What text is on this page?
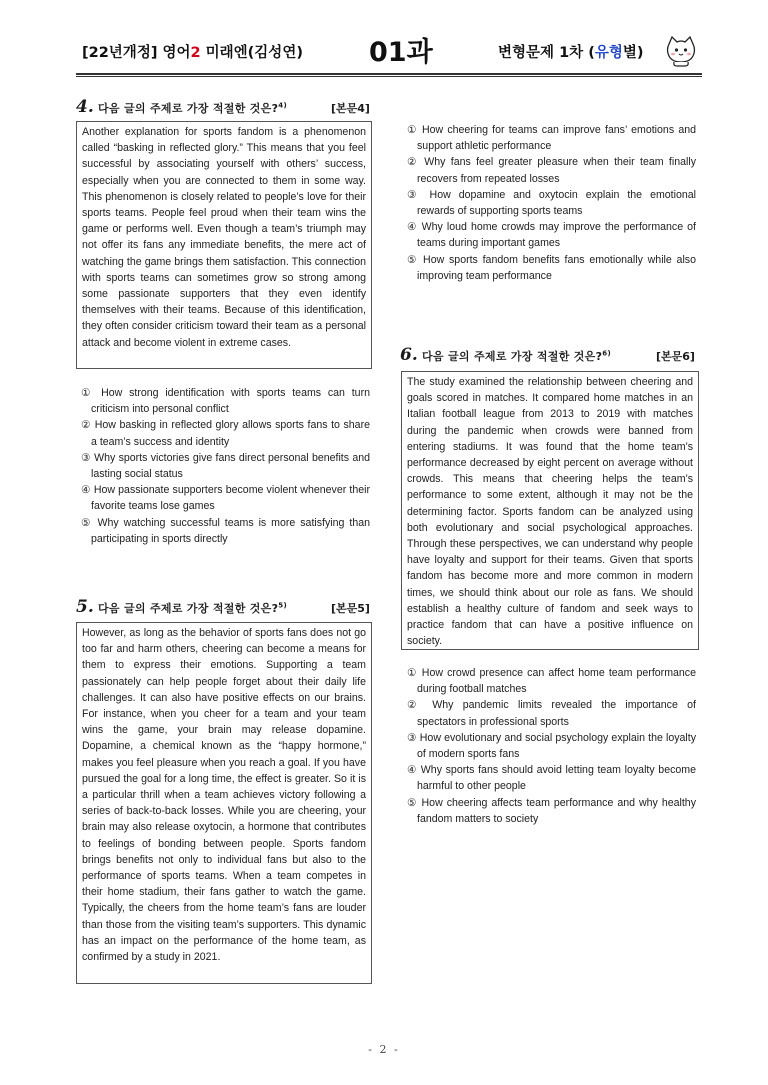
[22년개정] 영어2 미래엔(김성연) 01과	변형문제 1차 (유형별)
4. 다음 글의 주제로 가장 적절한 것은?$^{4)}$	[본문4]
Another explanation for sports fandom is a phenomenon called “basking in reflected glory.” This means that you feel successful by associating yourself with others’ success, especially when you are connected to them in some way. This phenomenon is closely related to people’s love for their sports teams. People feel proud when their team wins the game or performs well. Even though a team’s triumph may not offer its fans any immediate benefits, the mere act of watching the game brings them satisfaction. This connection with sports teams can sometimes grow so strong among some passionate supporters that they even identify themselves with their teams. Because of this identification, they often consider criticism toward their team as a personal attack and become violent in extreme cases.
① How strong identification with sports teams can turn criticism into personal conflict
② How basking in reflected glory allows sports fans to share a team’s success and identity
③ Why sports victories give fans direct personal benefits and lasting social status
④ How passionate supporters become violent whenever their favorite teams lose games
⑤ Why watching successful teams is more satisfying than participating in sports directly
5. 다음 글의 주제로 가장 적절한 것은?$^{5)}$	[본문5]
However, as long as the behavior of sports fans does not go too far and harm others, cheering can become a means for them to express their emotions. Supporting a team passionately can help people forget about their daily life challenges. It can also have positive effects on our brains. For instance, when you cheer for a team and your team wins the game, your brain may release dopamine. Dopamine, a chemical known as the “happy hormone,” makes you feel pleasure when you reach a goal. If you have pursued the goal for a long time, the effect is greater. So it is a particular thrill when a team achieves victory following a series of back-to-back losses. While you are cheering, your brain may also release oxytocin, a hormone that contributes to feelings of bonding between people. Sports fandom brings benefits not only to individual fans but also to the performance of sports teams. When a team competes in their home stadium, their fans gather to watch the game. Typically, the cheers from the home team’s fans are louder than those from the visiting team’s supporters. This dynamic has an impact on the performance of the home team, as confirmed by a study in 2021.
① How cheering for teams can improve fans’ emotions and support athletic performance
② Why fans feel greater pleasure when their team finally recovers from repeated losses
③ How dopamine and oxytocin explain the emotional rewards of supporting sports teams
④ Why loud home crowds may improve the performance of teams during important games
⑤ How sports fandom benefits fans emotionally while also improving team performance
6. 다음 글의 주제로 가장 적절한 것은?$^{6)}$	[본문6]
The study examined the relationship between cheering and goals scored in matches. It compared home matches in an Italian football league from 2013 to 2019 with matches during the pandemic when crowds were banned from entering stadiums. It was found that the home team’s performance decreased by eight percent on average without crowds. This means that cheering helps the team’s performance to some extent, although it may not be the determining factor. Sports fandom can be analyzed using both evolutionary and social psychological approaches. Through these perspectives, we can understand why people have loyalty and support for their teams. Given that sports fandom has become more and more common in modern times, we should think about our role as fans. We should establish a healthy culture of fandom and seek ways to practice fandom that can have a positive influence on society.
① How crowd presence can affect home team performance during football matches
② Why pandemic limits revealed the importance of spectators in professional sports
③ How evolutionary and social psychology explain the loyalty of modern sports fans
④ Why sports fans should avoid letting team loyalty become harmful to other people
⑤ How cheering affects team performance and why healthy fandom matters to society
- 2 -
